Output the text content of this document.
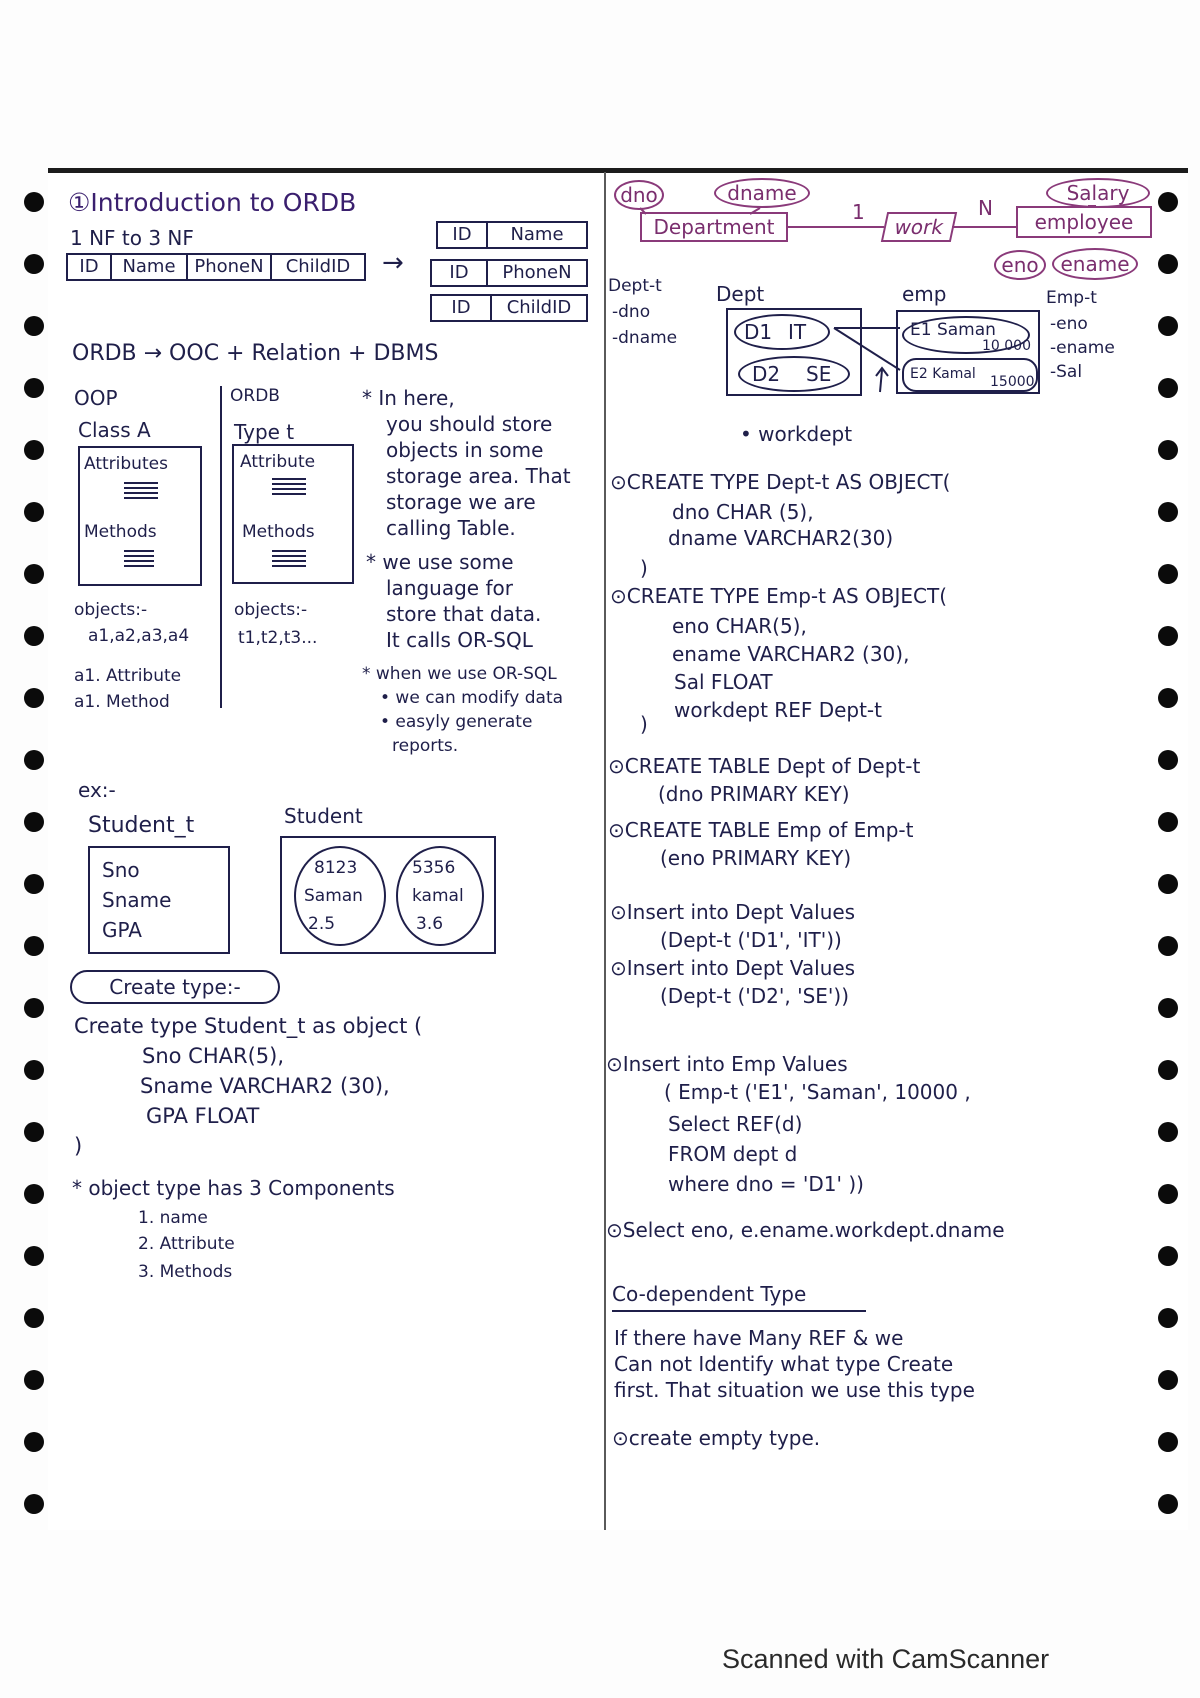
①Introduction to ORDB
1 NF to 3 NF
ID	Name	PhoneN	ChildID	→
ID	Name
ID	PhoneN
ID	ChildID
ORDB → OOC + Relation + DBMS
OOP
Class A
Attributes
Methods
objects:-
a1,a2,a3,a4
a1. Attribute
a1. Method
ORDB
Type t
Attribute
Methods
objects:-
t1,t2,t3...
* In here,
you should store
objects in some
storage area. That
storage we are
calling Table.
* we use some
language for
store that data.
It calls OR-SQL
* when we use OR-SQL
• we can modify data
• easyly generate
reports.
ex:-
Student_t
Sno
Sname
GPA
Student
8123
Saman
2.5
5356
kamal
3.6
Create type:-
Create type Student_t as object (
Sno CHAR(5),
Sname VARCHAR2 (30),
GPA FLOAT
)
* object type has 3 Components
1. name
2. Attribute
3. Methods
dno	dname
Department
1
work
N
Salary
employee
eno	ename
Dept-t
-dno
-dname
Dept
D1 IT
D2 SE
emp
E1 Saman
10 000
E2 Kamal 15000
Emp-t
-eno
-ename
-Sal
• workdept
⊙CREATE TYPE Dept-t AS OBJECT(
dno CHAR (5),
dname VARCHAR2(30)
)
⊙CREATE TYPE Emp-t AS OBJECT(
eno CHAR(5),
ename VARCHAR2 (30),
Sal FLOAT
workdept REF Dept-t
)
⊙CREATE TABLE Dept of Dept-t
(dno PRIMARY KEY)
⊙CREATE TABLE Emp of Emp-t
(eno PRIMARY KEY)
⊙Insert into Dept Values
(Dept-t ('D1', 'IT'))
⊙Insert into Dept Values
(Dept-t ('D2', 'SE'))
⊙Insert into Emp Values
( Emp-t ('E1', 'Saman', 10000 ,
Select REF(d)
FROM dept d
where dno = 'D1' ))
⊙Select eno, e.ename.workdept.dname
Co-dependent Type
If there have Many REF & we
Can not Identify what type Create
first. That situation we use this type
⊙create empty type.
Scanned with CamScanner
